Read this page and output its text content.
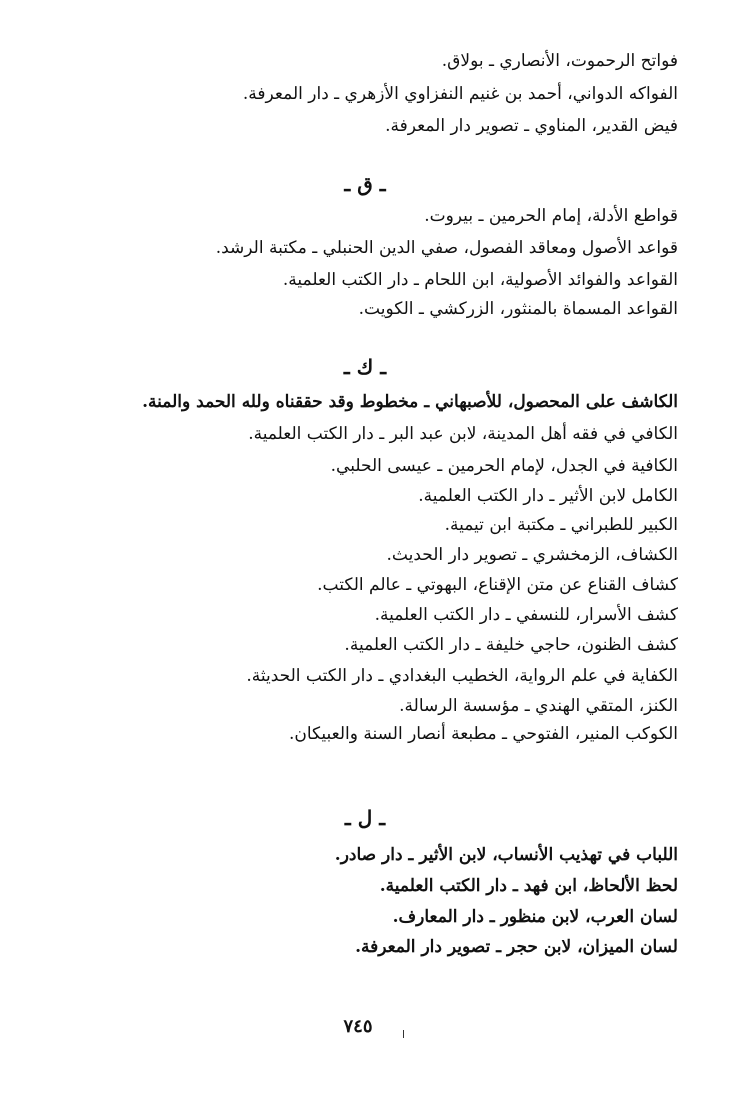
فواتح الرحموت، الأنصاري ـ بولاق.
الفواكه الدواني، أحمد بن غنيم النفزاوي الأزهري ـ دار المعرفة.
فيض القدير، المناوي ـ تصوير دار المعرفة.
ـ ق ـ
قواطع الأدلة، إمام الحرمين ـ بيروت.
قواعد الأصول ومعاقد الفصول، صفي الدين الحنبلي ـ مكتبة الرشد.
القواعد والفوائد الأصولية، ابن اللحام ـ دار الكتب العلمية.
القواعد المسماة بالمنثور، الزركشي ـ الكويت.
ـ ك ـ
الكاشف على المحصول، للأصبهاني ـ مخطوط وقد حققناه ولله الحمد والمنة.
الكافي في فقه أهل المدينة، لابن عبد البر ـ دار الكتب العلمية.
الكافية في الجدل، لإمام الحرمين ـ عيسى الحلبي.
الكامل لابن الأثير ـ دار الكتب العلمية.
الكبير للطبراني ـ مكتبة ابن تيمية.
الكشاف، الزمخشري ـ تصوير دار الحديث.
كشاف القناع عن متن الإقناع، البهوتي ـ عالم الكتب.
كشف الأسرار، للنسفي ـ دار الكتب العلمية.
كشف الظنون، حاجي خليفة ـ دار الكتب العلمية.
الكفاية في علم الرواية، الخطيب البغدادي ـ دار الكتب الحديثة.
الكنز، المتقي الهندي ـ مؤسسة الرسالة.
الكوكب المنير، الفتوحي ـ مطبعة أنصار السنة والعبيكان.
ـ ل ـ
اللباب في تهذيب الأنساب، لابن الأثير ـ دار صادر.
لحظ الألحاظ، ابن فهد ـ دار الكتب العلمية.
لسان العرب، لابن منظور ـ دار المعارف.
لسان الميزان، لابن حجر ـ تصوير دار المعرفة.
٧٤٥
